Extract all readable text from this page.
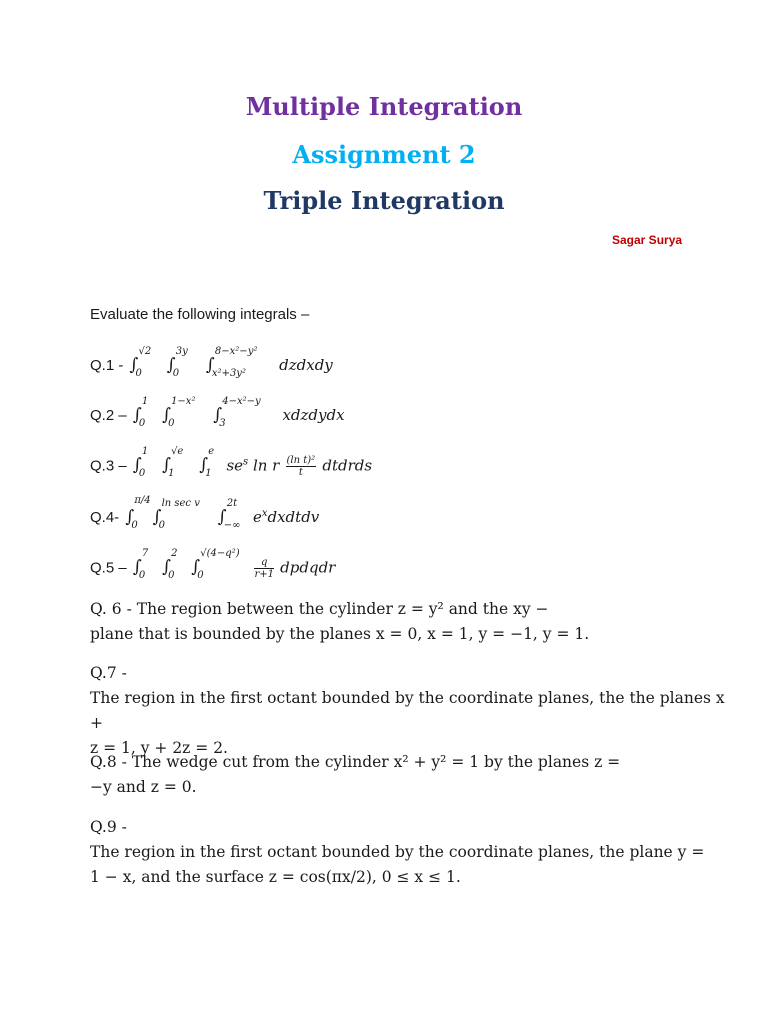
Multiple Integration
Assignment 2
Triple Integration
Sagar Surya
Evaluate the following integrals –
Q.1 - ∫
√2
0 ∫
3y
0 ∫
8−x²−y²
x²+3y² dzdxdy
Q.2 – ∫
1
0 ∫
1−x²
0 ∫
4−x²−y
3	xdzdydx
Q.3 – ∫
1
0 ∫
√e
1 ∫
e
1 $se^s$ ln r $\frac{\text{(ln t)²}}{t}$ dtdrds
Q.4- ∫
π/4
0 ∫
ln sec v
0	∫
2t
−∞ $e^xdxdtdv$
Q.5 – ∫
7
0 ∫
2
0 ∫
√(4−q²)
0
	$\frac{q}{r+1}$ dpdqdr
Q. 6 - The region between the cylinder z = y² and the xy −
plane that is bounded by the planes x = 0, x = 1, y = −1, y = 1.
Q.7 -
The region in the first octant bounded by the coordinate planes, the the planes x +
z = 1, y + 2z = 2.
Q.8 - The wedge cut from the cylinder x² + y² = 1 by the planes z =
−y and z = 0.
Q.9 -
The region in the first octant bounded by the coordinate planes, the plane y =
1 − x, and the surface z = cos(πx/2), 0 ≤ x ≤ 1.
